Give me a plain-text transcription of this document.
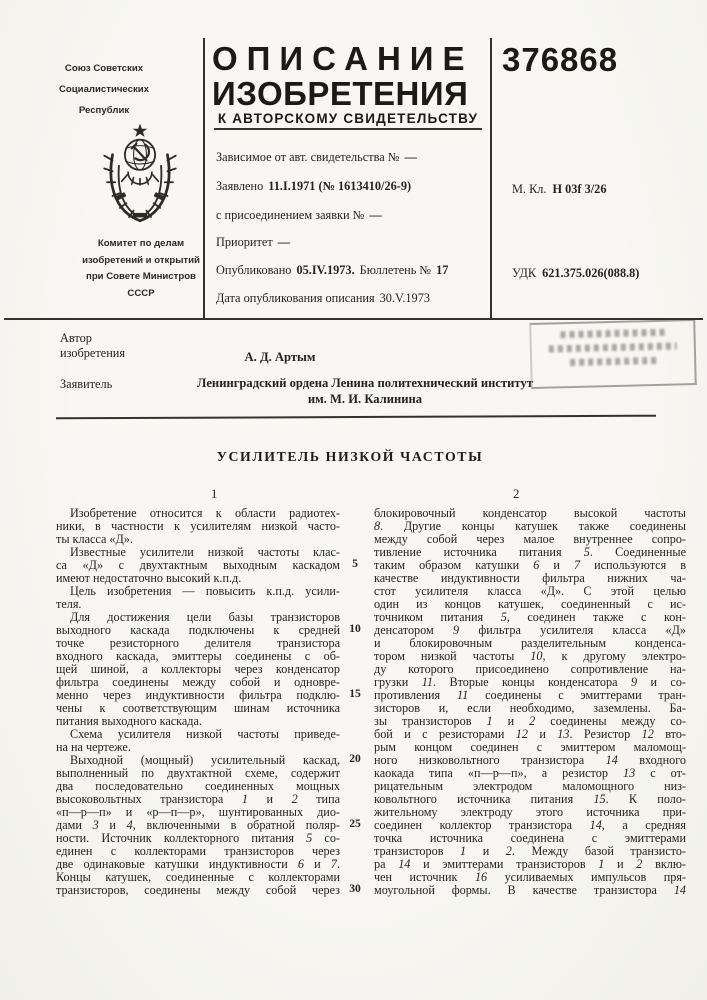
Союз Советских
Социалистических
Республик
Комитет по делам
изобретений и открытий
при Совете Министров
СССР
ОПИСАНИЕ
ИЗОБРЕТЕНИЯ
К АВТОРСКОМУ СВИДЕТЕЛЬСТВУ
376868
Зависимое от авт. свидетельства № —
Заявлено 11.I.1971 (№ 1613410/26-9)
с присоединением заявки № —
Приоритет —
Опубликовано 05.IV.1973. Бюллетень № 17
Дата опубликования описания 30.V.1973
М. Кл. H 03f 3/26
УДК 621.375.026(088.8)
Автор изобретения	А. Д. Артым
Заявитель	Ленинградский ордена Ленина политехнический институт
им. М. И. Калинина
УСИЛИТЕЛЬ НИЗКОЙ ЧАСТОТЫ
1	2
Изобретение относится к области радиотех-
ники, в частности к усилителям низкой часто-
ты класса «Д».
Известные усилители низкой частоты клас-
са «Д» с двухтактным выходным каскадом
имеют недостаточно высокий к.п.д.
Цель изобретения — повысить к.п.д. усили-
теля.
Для достижения цели базы транзисторов
выходного каскада подключены к средней
точке резисторного делителя транзистора
входного каскада, эмиттеры соединены с об-
щей шиной, а коллекторы через конденсатор
фильтра соединены между собой и одновре-
менно через индуктивности фильтра подклю-
чены к соответствующим шинам источника
питания выходного каскада.
Схема усилителя низкой частоты приведе-
на на чертеже.
Выходной (мощный) усилительный каскад,
выполненный по двухтактной схеме, содержит
два последовательно соединенных мощных
высоковольтных транзистора 1 и 2 типа
«п—р—п» и «р—п—р», шунтированных дио-
дами 3 и 4, включенными в обратной поляр-
ности. Источник коллекторного питания 5 со-
единен с коллекторами транзисторов через
две одинаковые катушки индуктивности 6 и 7.
Концы катушек, соединенные с коллекторами
транзисторов, соединены между собой через
5
10
15
20
25
30
блокировочный конденсатор высокой частоты
8. Другие концы катушек также соединены
между собой через малое внутреннее сопро-
тивление источника питания 5. Соединенные
таким образом катушки 6 и 7 используются в
качестве индуктивности фильтра нижних ча-
стот усилителя класса «Д». С этой целью
один из концов катушек, соединенный с ис-
точником питания 5, соединен также с кон-
денсатором 9 фильтра усилителя класса «Д»
и блокировочным разделительным конденса-
тором низкой частоты 10, к другому электро-
ду которого присоединено сопротивление на-
грузки 11. Вторые концы конденсатора 9 и со-
противления 11 соединены с эмиттерами тран-
зисторов и, если необходимо, заземлены. Ба-
зы транзисторов 1 и 2 соединены между со-
бой и с резисторами 12 и 13. Резистор 12 вто-
рым концом соединен с эмиттером маломощ-
ного низковольтного транзистора 14 входного
каокада типа «п—р—п», а резистор 13 с от-
рицательным электродом маломощного низ-
ковольтного источника питания 15. К поло-
жительному электроду этого источника при-
соединен коллектор транзистора 14, а средняя
точка источника соединена с эмиттерами
транзисторов 1 и 2. Между базой транзисто-
ра 14 и эмиттерами транзисторов 1 и 2 вклю-
чен источник 16 усиливаемых импульсов пря-
моугольной формы. В качестве транзистора 14
